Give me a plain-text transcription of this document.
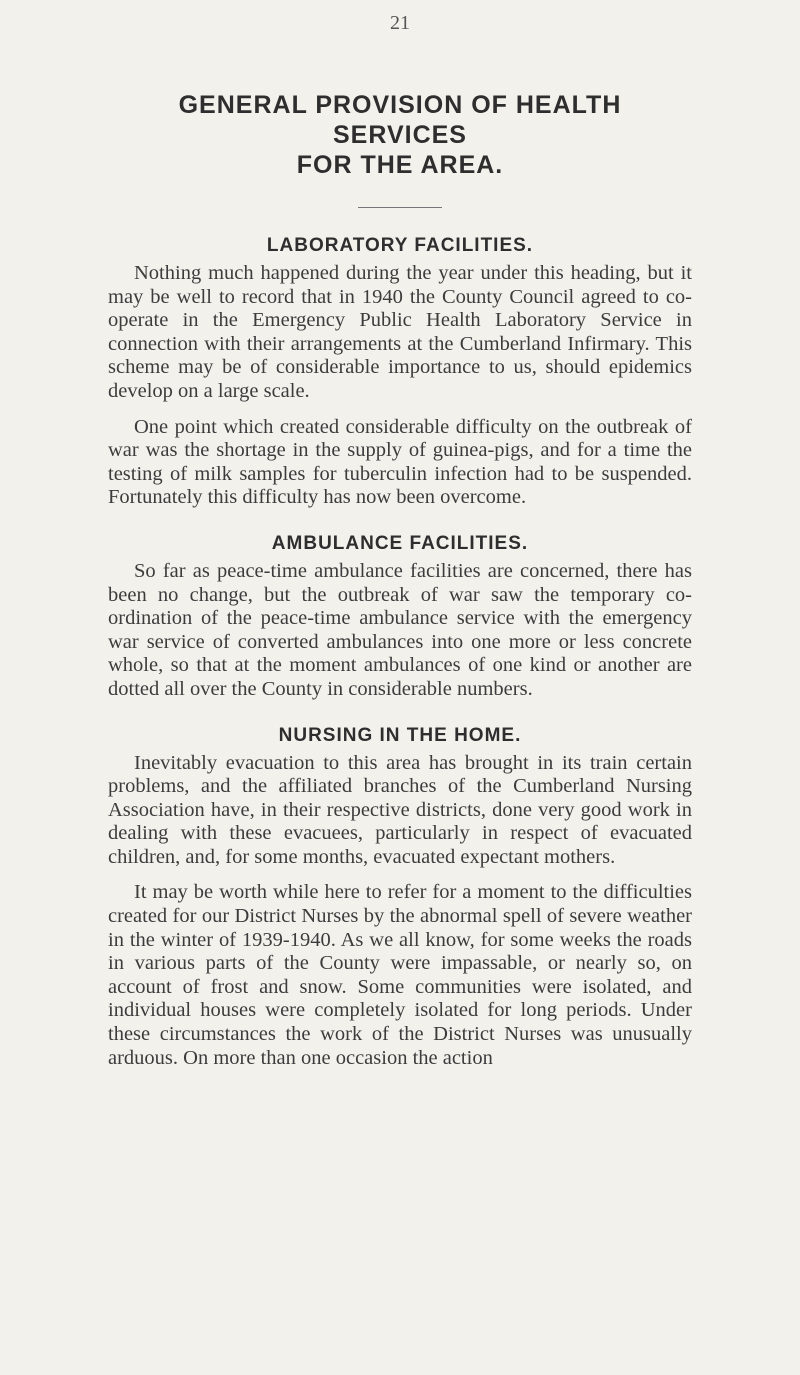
21
GENERAL PROVISION OF HEALTH SERVICES
FOR THE AREA.
LABORATORY FACILITIES.

Nothing much happened during the year under this heading, but it may be well to record that in 1940 the County Council agreed to co-operate in the Emergency Public Health Laboratory Service in connection with their arrangements at the Cumberland Infirmary. This scheme may be of considerable importance to us, should epidemics develop on a large scale.

One point which created considerable difficulty on the outbreak of war was the shortage in the supply of guinea-pigs, and for a time the testing of milk samples for tuberculin infection had to be suspended. Fortunately this difficulty has now been overcome.

AMBULANCE FACILITIES.

So far as peace-time ambulance facilities are concerned, there has been no change, but the outbreak of war saw the temporary co-ordination of the peace-time ambulance service with the emergency war service of converted ambulances into one more or less concrete whole, so that at the moment ambulances of one kind or another are dotted all over the County in considerable numbers.

NURSING IN THE HOME.

Inevitably evacuation to this area has brought in its train certain problems, and the affiliated branches of the Cumberland Nursing Association have, in their respective districts, done very good work in dealing with these evacuees, particularly in respect of evacuated children, and, for some months, evacuated expectant mothers.

It may be worth while here to refer for a moment to the difficulties created for our District Nurses by the abnormal spell of severe weather in the winter of 1939-1940. As we all know, for some weeks the roads in various parts of the County were impassable, or nearly so, on account of frost and snow. Some communities were isolated, and individual houses were completely isolated for long periods. Under these circumstances the work of the District Nurses was unusually arduous. On more than one occasion the action
